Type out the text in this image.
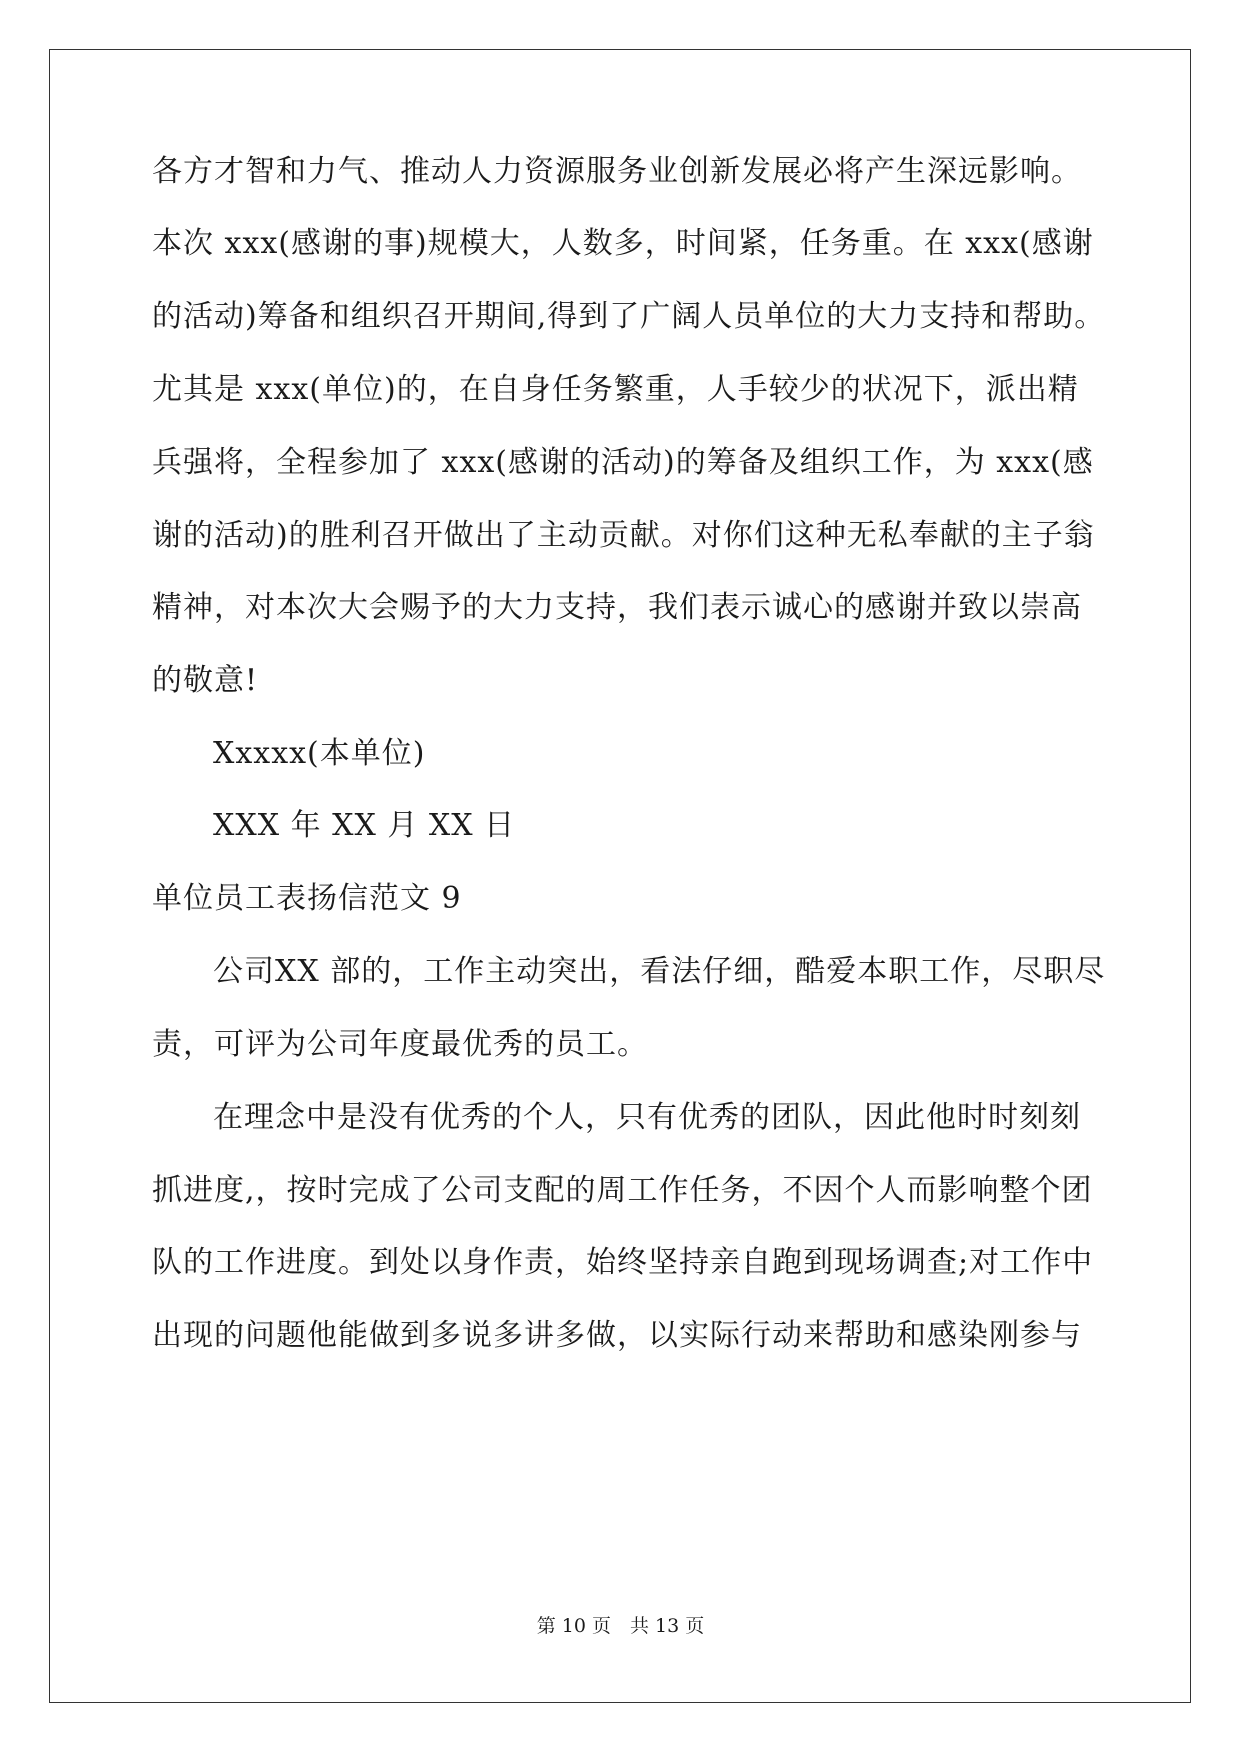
各方才智和力气、推动人力资源服务业创新发展必将产生深远影响。
本次 xxx(感谢的事)规模大，人数多，时间紧，任务重。在 xxx(感谢
的活动)筹备和组织召开期间,得到了广阔人员单位的大力支持和帮助。
尤其是 xxx(单位)的，在自身任务繁重，人手较少的状况下，派出精
兵强将，全程参加了 xxx(感谢的活动)的筹备及组织工作，为 xxx(感
谢的活动)的胜利召开做出了主动贡献。对你们这种无私奉献的主子翁
精神，对本次大会赐予的大力支持，我们表示诚心的感谢并致以崇高
的敬意!
Xxxxx(本单位)
XXX 年 XX 月 XX 日
单位员工表扬信范文 9
公司XX 部的，工作主动突出，看法仔细，酷爱本职工作，尽职尽
责，可评为公司年度最优秀的员工。
在理念中是没有优秀的个人，只有优秀的团队，因此他时时刻刻
抓进度,，按时完成了公司支配的周工作任务，不因个人而影响整个团
队的工作进度。到处以身作责，始终坚持亲自跑到现场调查;对工作中
出现的问题他能做到多说多讲多做，以实际行动来帮助和感染刚参与
第 10 页　共 13 页
